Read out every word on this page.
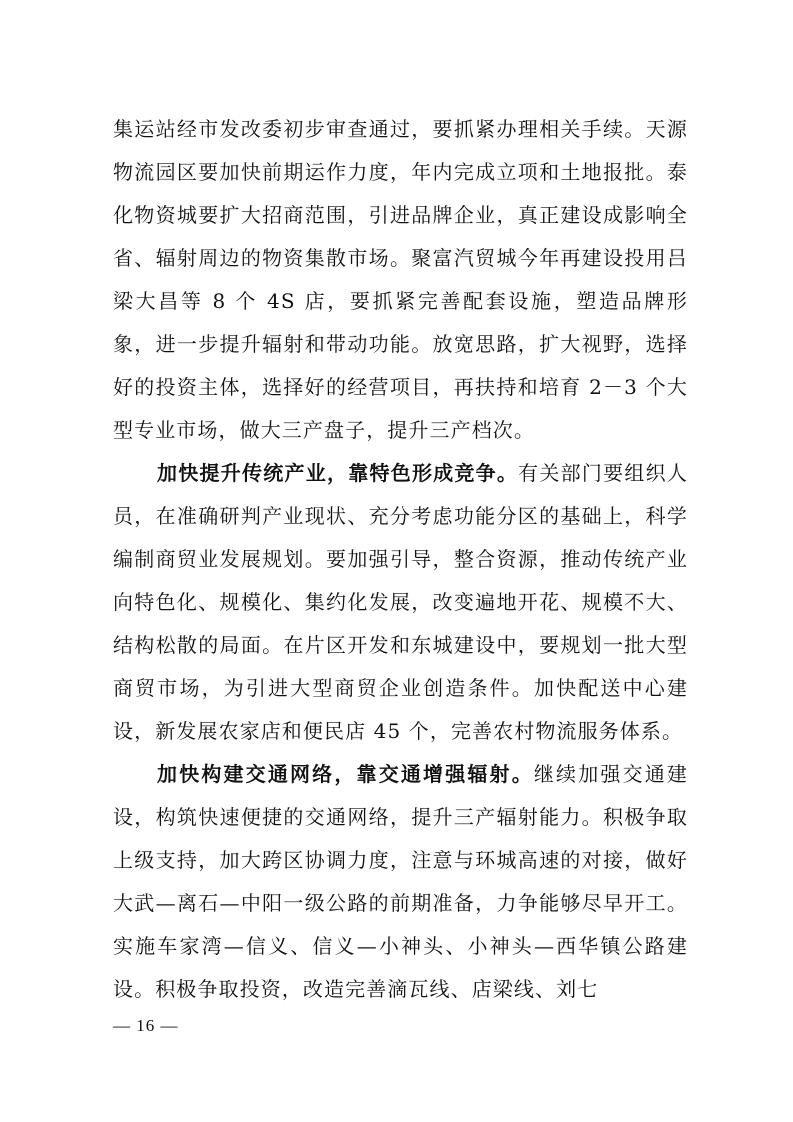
集运站经市发改委初步审查通过，要抓紧办理相关手续。天源物流园区要加快前期运作力度，年内完成立项和土地报批。泰化物资城要扩大招商范围，引进品牌企业，真正建设成影响全省、辐射周边的物资集散市场。聚富汽贸城今年再建设投用吕梁大昌等 8 个 4S 店，要抓紧完善配套设施，塑造品牌形象，进一步提升辐射和带动功能。放宽思路，扩大视野，选择好的投资主体，选择好的经营项目，再扶持和培育 2－3 个大型专业市场，做大三产盘子，提升三产档次。

加快提升传统产业，靠特色形成竞争。有关部门要组织人员，在准确研判产业现状、充分考虑功能分区的基础上，科学编制商贸业发展规划。要加强引导，整合资源，推动传统产业向特色化、规模化、集约化发展，改变遍地开花、规模不大、结构松散的局面。在片区开发和东城建设中，要规划一批大型商贸市场，为引进大型商贸企业创造条件。加快配送中心建设，新发展农家店和便民店 45 个，完善农村物流服务体系。

加快构建交通网络，靠交通增强辐射。继续加强交通建设，构筑快速便捷的交通网络，提升三产辐射能力。积极争取上级支持，加大跨区协调力度，注意与环城高速的对接，做好大武—离石—中阳一级公路的前期准备，力争能够尽早开工。实施车家湾—信义、信义—小神头、小神头—西华镇公路建设。积极争取投资，改造完善滴瓦线、店梁线、刘七

— 16 —
